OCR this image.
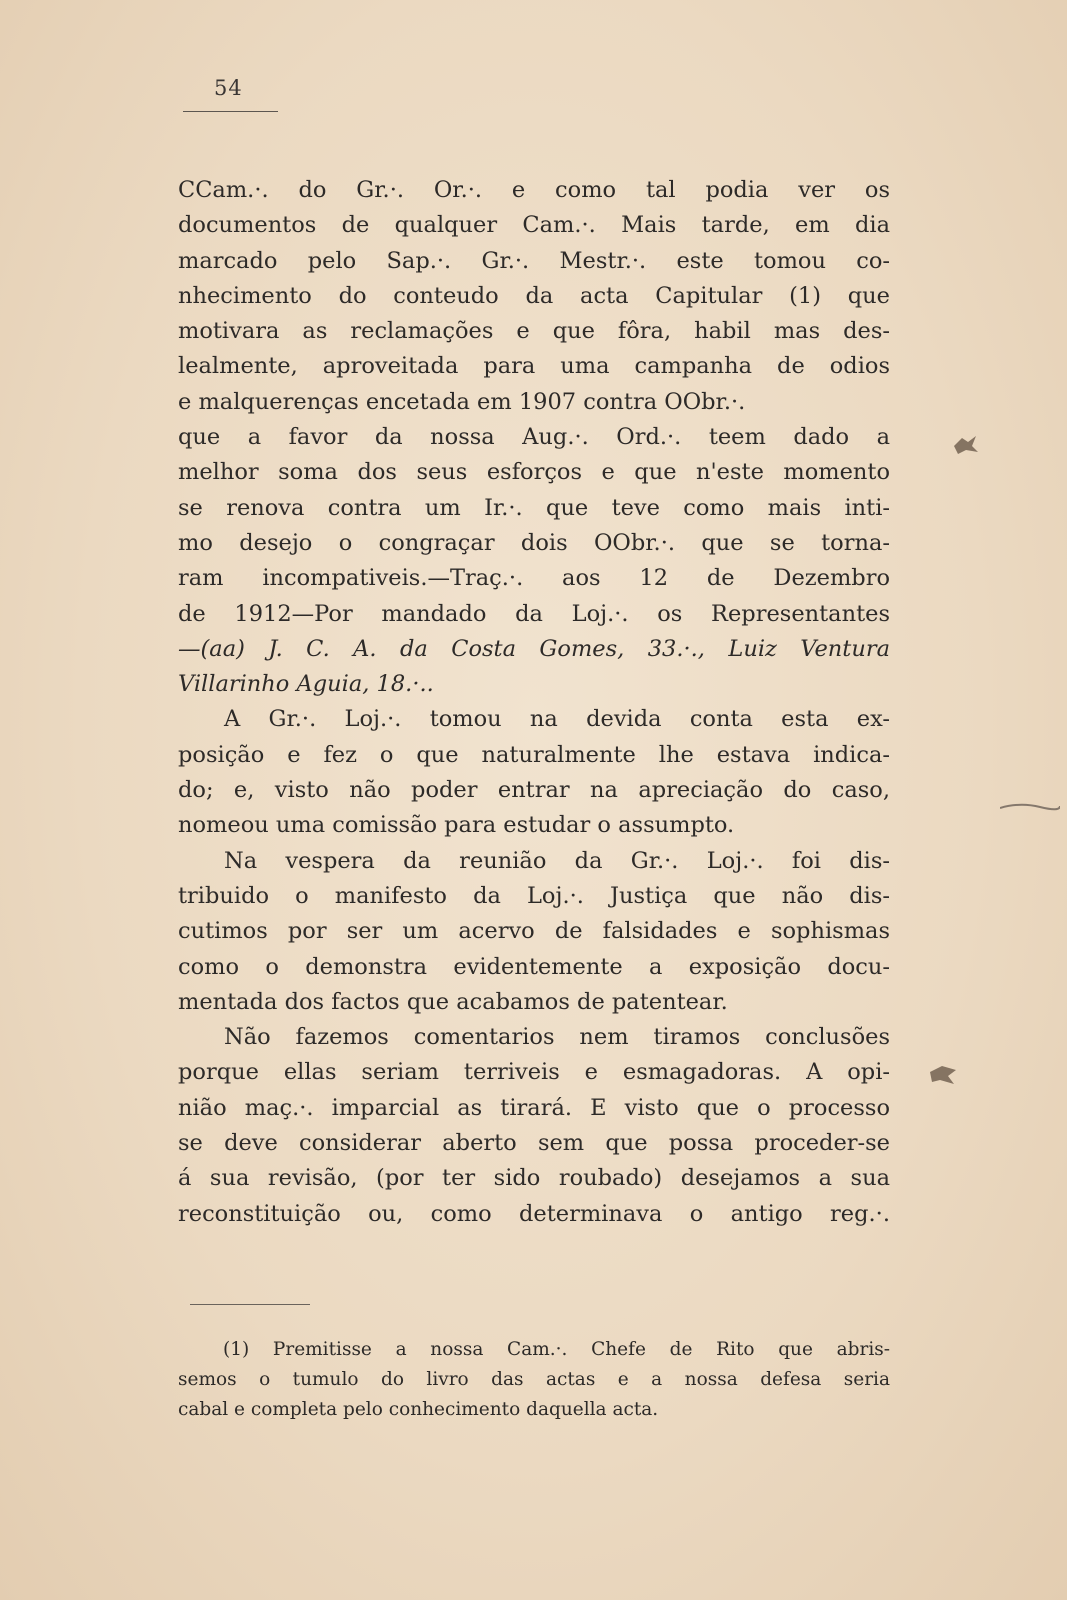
54
CCam.·. do Gr.·. Or.·. e como tal podia ver os
documentos de qualquer Cam.·. Mais tarde, em dia
marcado pelo Sap.·. Gr.·. Mestr.·. este tomou co-
nhecimento do conteudo da acta Capitular (1) que
motivara as reclamações e que fôra, habil mas des-
lealmente, aproveitada para uma campanha de odios
e malquerenças encetada em 1907 contra OObr.·.
que a favor da nossa Aug.·. Ord.·. teem dado a
melhor soma dos seus esforços e que n'este momento
se renova contra um Ir.·. que teve como mais inti-
mo desejo o congraçar dois OObr.·. que se torna-
ram incompativeis.—Traç.·. aos 12 de Dezembro
de 1912—Por mandado da Loj.·. os Representantes
—(aa) J. C. A. da Costa Gomes, 33.·., Luiz Ventura
Villarinho Aguia, 18.·..
A Gr.·. Loj.·. tomou na devida conta esta ex-
posição e fez o que naturalmente lhe estava indica-
do; e, visto não poder entrar na apreciação do caso,
nomeou uma comissão para estudar o assumpto.
Na vespera da reunião da Gr.·. Loj.·. foi dis-
tribuido o manifesto da Loj.·. Justiça que não dis-
cutimos por ser um acervo de falsidades e sophismas
como o demonstra evidentemente a exposição docu-
mentada dos factos que acabamos de patentear.
Não fazemos comentarios nem tiramos conclusões
porque ellas seriam terriveis e esmagadoras. A opi-
nião maç.·. imparcial as tirará. E visto que o processo
se deve considerar aberto sem que possa proceder-se
á sua revisão, (por ter sido roubado) desejamos a sua
reconstituição ou, como determinava o antigo reg.·.
(1) Premitisse a nossa Cam.·. Chefe de Rito que abris-
semos o tumulo do livro das actas e a nossa defesa seria
cabal e completa pelo conhecimento daquella acta.
